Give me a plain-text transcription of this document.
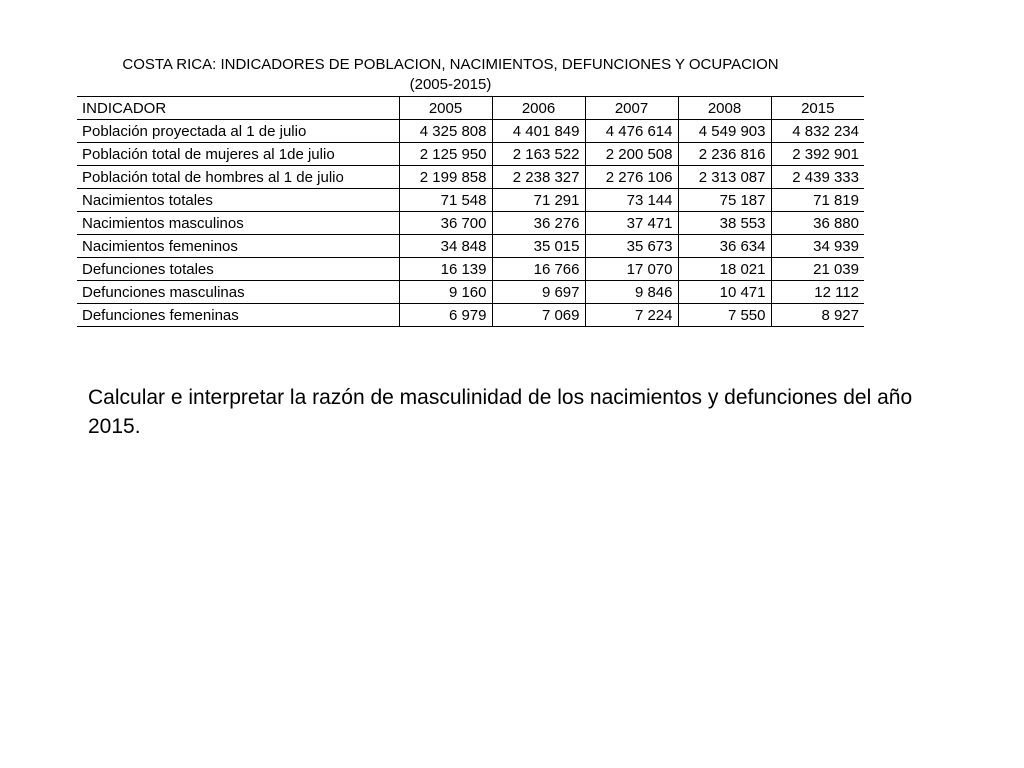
COSTA RICA: INDICADORES DE POBLACION, NACIMIENTOS, DEFUNCIONES Y OCUPACION
(2005-2015)
INDICADOR	2005	2006	2007	2008	2015
Población proyectada al 1 de julio	4 325 808	4 401 849	4 476 614	4 549 903	4 832 234
Población total de mujeres al 1de julio	2 125 950	2 163 522	2 200 508	2 236 816	2 392 901
Población total de hombres al 1 de julio	2 199 858	2 238 327	2 276 106	2 313 087	2 439 333
Nacimientos totales	71 548	71 291	73 144	75 187	71 819
Nacimientos masculinos	36 700	36 276	37 471	38 553	36 880
Nacimientos femeninos	34 848	35 015	35 673	36 634	34 939
Defunciones totales	16 139	16 766	17 070	18 021	21 039
Defunciones masculinas	9 160	9 697	9 846	10 471	12 112
Defunciones femeninas	6 979	7 069	7 224	7 550	8 927
Calcular e interpretar la razón de masculinidad de los nacimientos y defunciones del año 2015.
